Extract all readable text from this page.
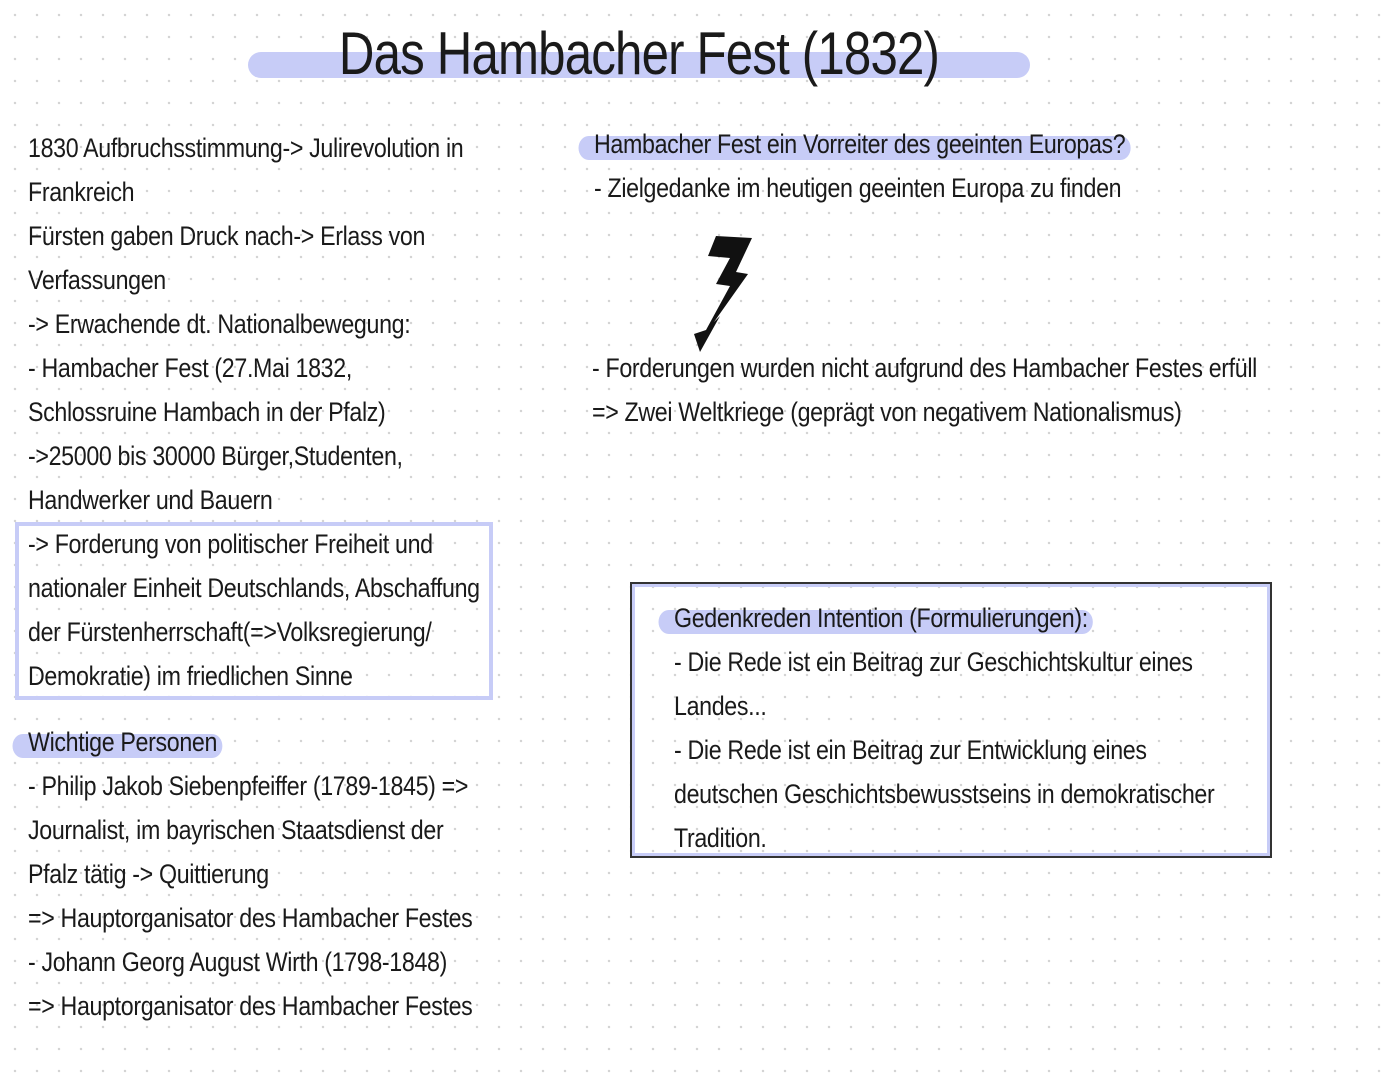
Das Hambacher Fest (1832)
1830 Aufbruchsstimmung-> Julirevolution in
Frankreich
Fürsten gaben Druck nach-> Erlass von
Verfassungen
-> Erwachende dt. Nationalbewegung:
- Hambacher Fest (27.Mai 1832,
Schlossruine Hambach in der Pfalz)
->25000 bis 30000 Bürger,Studenten,
Handwerker und Bauern
-> Forderung von politischer Freiheit und
nationaler Einheit Deutschlands, Abschaffung
der Fürstenherrschaft(=>Volksregierung/
Demokratie) im friedlichen Sinne
Wichtige Personen
- Philip Jakob Siebenpfeiffer (1789-1845) =>
Journalist, im bayrischen Staatsdienst der
Pfalz tätig -> Quittierung
=> Hauptorganisator des Hambacher Festes
- Johann Georg August Wirth (1798-1848)
=> Hauptorganisator des Hambacher Festes
Hambacher Fest ein Vorreiter des geeinten Europas?
- Zielgedanke im heutigen geeinten Europa zu finden
- Forderungen wurden nicht aufgrund des Hambacher Festes erfüll
=> Zwei Weltkriege (geprägt von negativem Nationalismus)
Gedenkreden Intention (Formulierungen):
- Die Rede ist ein Beitrag zur Geschichtskultur eines
Landes...
- Die Rede ist ein Beitrag zur Entwicklung eines
deutschen Geschichtsbewusstseins in demokratischer
Tradition.
